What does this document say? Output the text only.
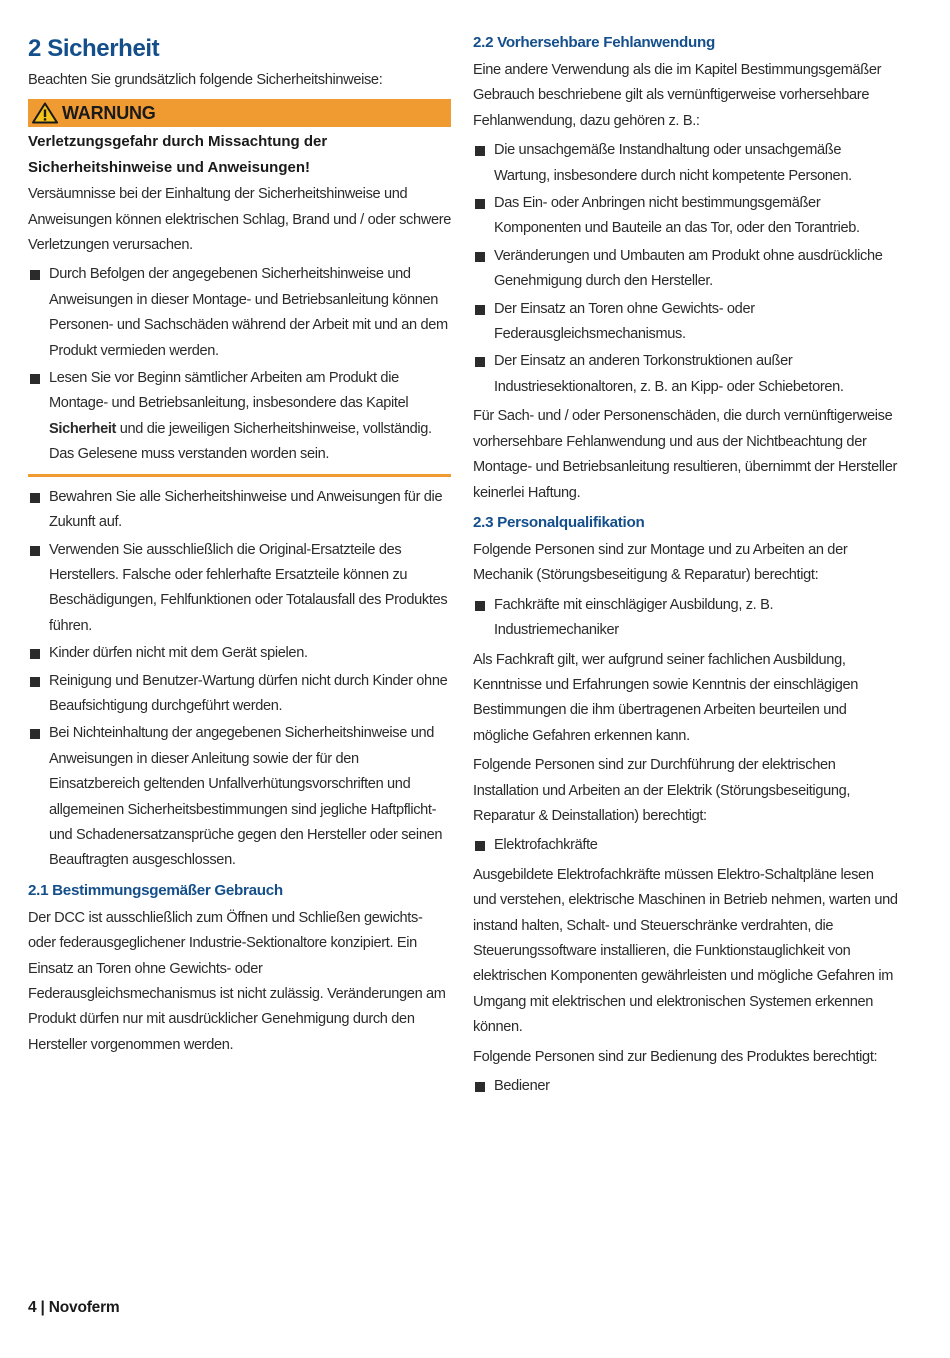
2 Sicherheit

Beachten Sie grundsätzlich folgende Sicherheitshinweise:

WARNUNG
Verletzungsgefahr durch Missachtung der Sicherheitshinweise und Anweisungen!

Versäumnisse bei der Einhaltung der Sicherheitshinweise und Anweisungen können elektrischen Schlag, Brand und / oder schwere Verletzungen verursachen.

Durch Befolgen der angegebenen Sicherheitshinweise und Anweisungen in dieser Montage- und Betriebsanleitung können Personen- und Sachschäden während der Arbeit mit und an dem Produkt vermieden werden.
Lesen Sie vor Beginn sämtlicher Arbeiten am Produkt die Montage- und Betriebsanleitung, insbesondere das Kapitel Sicherheit und die jeweiligen Sicherheitshinweise, vollständig. Das Gelesene muss verstanden worden sein.
Bewahren Sie alle Sicherheitshinweise und Anweisungen für die Zukunft auf.
Verwenden Sie ausschließlich die Original-Ersatzteile des Herstellers. Falsche oder fehlerhafte Ersatzteile können zu Beschädigungen, Fehlfunktionen oder Totalausfall des Produktes führen.
Kinder dürfen nicht mit dem Gerät spielen.
Reinigung und Benutzer-Wartung dürfen nicht durch Kinder ohne Beaufsichtigung durchgeführt werden.
Bei Nichteinhaltung der angegebenen Sicherheitshinweise und Anweisungen in dieser Anleitung sowie der für den Einsatzbereich geltenden Unfallverhütungsvorschriften und allgemeinen Sicherheitsbestimmungen sind jegliche Haftpflicht- und Schadenersatzansprüche gegen den Hersteller oder seinen Beauftragten ausgeschlossen.
2.1 Bestimmungsgemäßer Gebrauch

Der DCC ist ausschließlich zum Öffnen und Schließen gewichts- oder federausgeglichener Industrie-Sektionaltore konzipiert. Ein Einsatz an Toren ohne Gewichts- oder Federausgleichsmechanismus ist nicht zulässig. Veränderungen am Produkt dürfen nur mit ausdrücklicher Genehmigung durch den Hersteller vorgenommen werden.

2.2 Vorhersehbare Fehlanwendung

Eine andere Verwendung als die im Kapitel Bestimmungsgemäßer Gebrauch beschriebene gilt als vernünftigerweise vorhersehbare Fehlanwendung, dazu gehören z. B.:

Die unsachgemäße Instandhaltung oder unsachgemäße Wartung, insbesondere durch nicht kompetente Personen.
Das Ein- oder Anbringen nicht bestimmungsgemäßer Komponenten und Bauteile an das Tor, oder den Torantrieb.
Veränderungen und Umbauten am Produkt ohne ausdrückliche Genehmigung durch den Hersteller.
Der Einsatz an Toren ohne Gewichts- oder Federausgleichsmechanismus.
Der Einsatz an anderen Torkonstruktionen außer Industriesektionaltoren, z. B. an Kipp- oder Schiebetoren.

Für Sach- und / oder Personenschäden, die durch vernünftigerweise vorhersehbare Fehlanwendung und aus der Nichtbeachtung der Montage- und Betriebsanleitung resultieren, übernimmt der Hersteller keinerlei Haftung.

2.3 Personalqualifikation

Folgende Personen sind zur Montage und zu Arbeiten an der Mechanik (Störungsbeseitigung & Reparatur) berechtigt:

Fachkräfte mit einschlägiger Ausbildung, z. B. Industriemechaniker

Als Fachkraft gilt, wer aufgrund seiner fachlichen Ausbildung, Kenntnisse und Erfahrungen sowie Kenntnis der einschlägigen Bestimmungen die ihm übertragenen Arbeiten beurteilen und mögliche Gefahren erkennen kann.

Folgende Personen sind zur Durchführung der elektrischen Installation und Arbeiten an der Elektrik (Störungsbeseitigung, Reparatur & Deinstallation) berechtigt:

Elektrofachkräfte

Ausgebildete Elektrofachkräfte müssen Elektro-Schaltpläne lesen und verstehen, elektrische Maschinen in Betrieb nehmen, warten und instand halten, Schalt- und Steuerschränke verdrahten, die Steuerungssoftware installieren, die Funktionstauglichkeit von elektrischen Komponenten gewährleisten und mögliche Gefahren im Umgang mit elektrischen und elektronischen Systemen erkennen können.

Folgende Personen sind zur Bedienung des Produktes berechtigt:

Bediener
4 | Novoferm
